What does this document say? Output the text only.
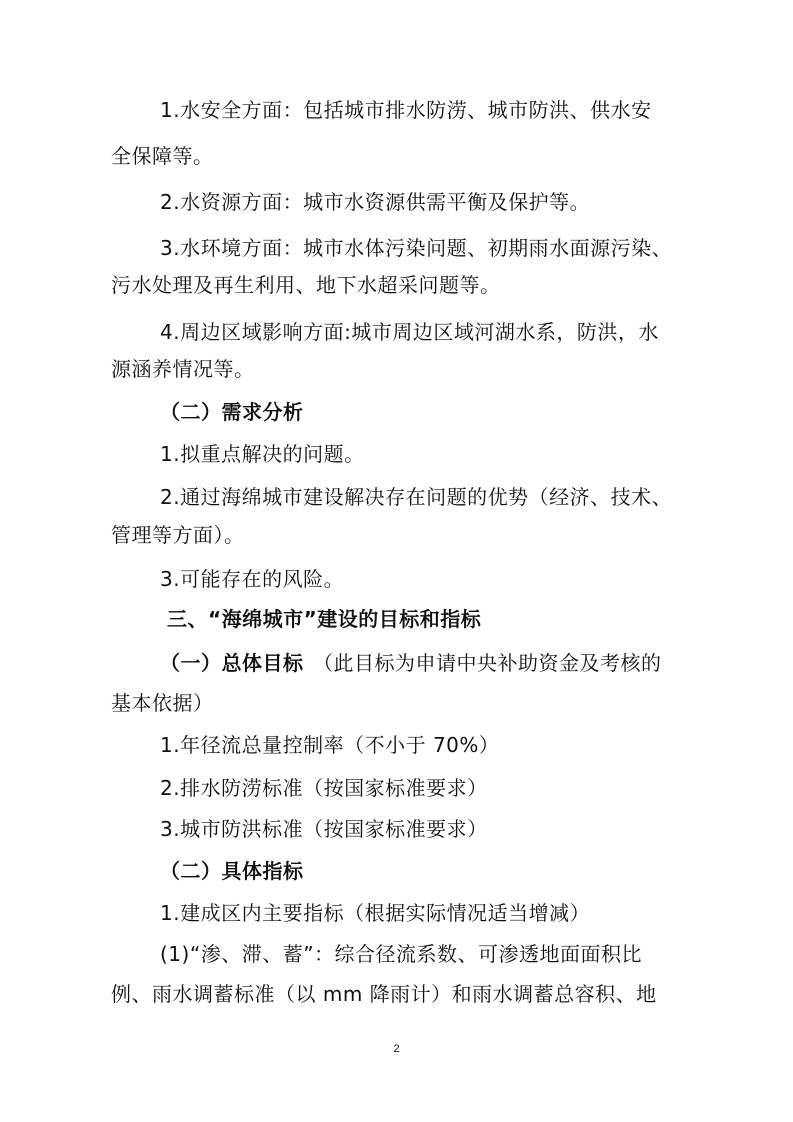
1.水安全方面：包括城市排水防涝、城市防洪、供水安
全保障等。
2.水资源方面：城市水资源供需平衡及保护等。
3.水环境方面：城市水体污染问题、初期雨水面源污染、
污水处理及再生利用、地下水超采问题等。
4.周边区域影响方面:城市周边区域河湖水系，防洪，水
源涵养情况等。
（二）需求分析
1.拟重点解决的问题。
2.通过海绵城市建设解决存在问题的优势（经济、技术、
管理等方面）。
3.可能存在的风险。
三、“海绵城市”建设的目标和指标
（一）总体目标 （此目标为申请中央补助资金及考核的
基本依据）
1.年径流总量控制率（不小于 70%）
2.排水防涝标准（按国家标准要求）
3.城市防洪标准（按国家标准要求）
（二）具体指标
1.建成区内主要指标（根据实际情况适当增减）
(1)“渗、滞、蓄”：综合径流系数、可渗透地面面积比
例、雨水调蓄标准（以 mm 降雨计）和雨水调蓄总容积、地
2
